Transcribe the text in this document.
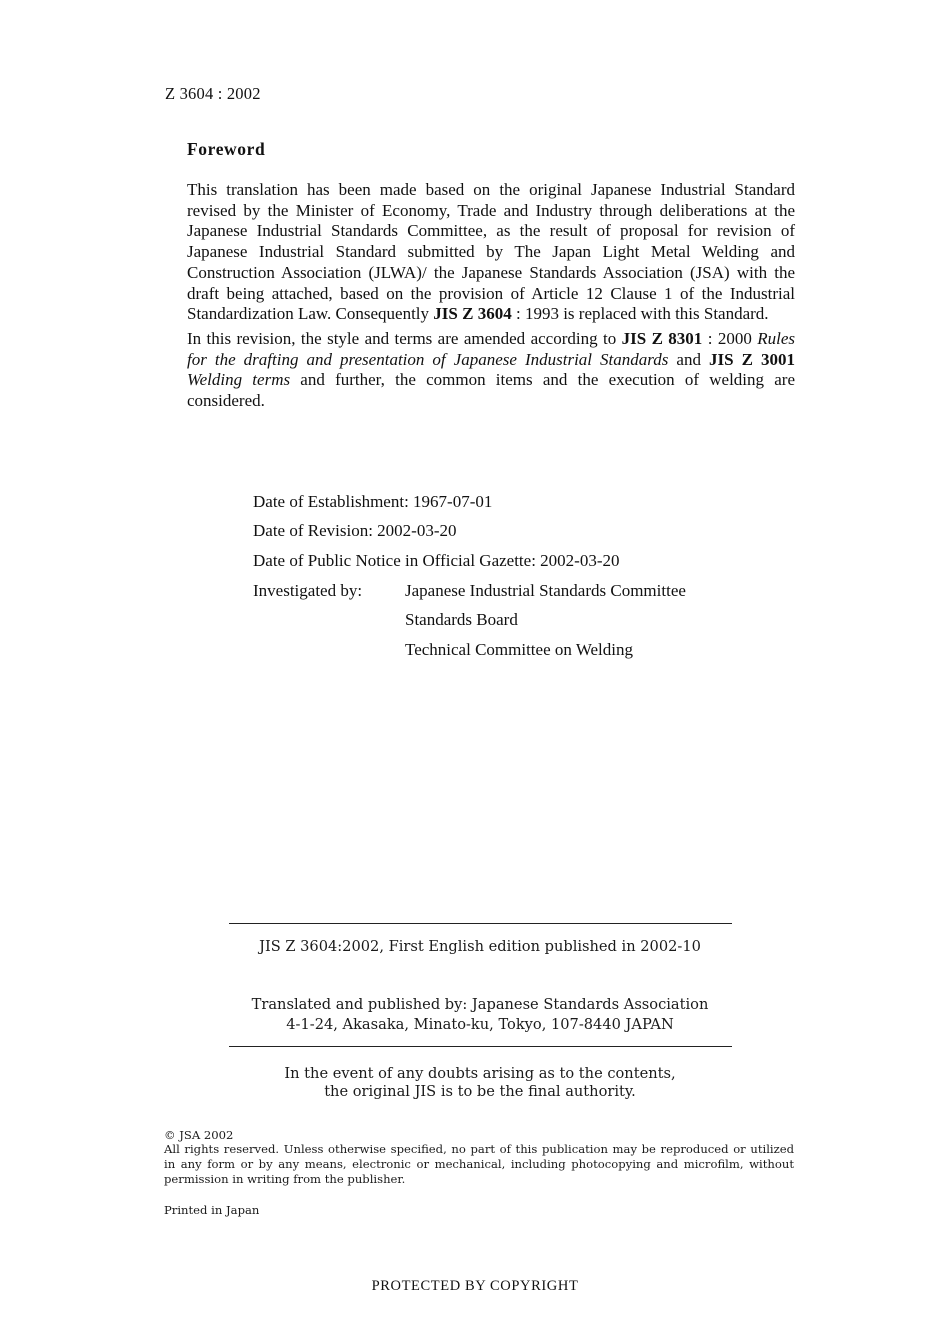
Z 3604 : 2002
Foreword

This translation has been made based on the original Japanese Industrial Standard revised by the Minister of Economy, Trade and Industry through deliberations at the Japanese Industrial Standards Committee, as the result of proposal for revision of Japanese Industrial Standard submitted by The Japan Light Metal Welding and Construction Association (JLWA)/ the Japanese Standards Association (JSA) with the draft being attached, based on the provision of Article 12 Clause 1 of the Industrial Standardization Law. Consequently JIS Z 3604 : 1993 is replaced with this Standard.

In this revision, the style and terms are amended according to JIS Z 8301 : 2000 Rules for the drafting and presentation of Japanese Industrial Standards and JIS Z 3001 Welding terms and further, the common items and the execution of welding are considered.

Date of Establishment: 1967-07-01
Date of Revision: 2002-03-20
Date of Public Notice in Official Gazette: 2002-03-20
Investigated by:	Japanese Industrial Standards Committee
Standards Board
Technical Committee on Welding
JIS Z 3604:2002, First English edition published in 2002-10
Translated and published by: Japanese Standards Association
4-1-24, Akasaka, Minato-ku, Tokyo, 107-8440 JAPAN
In the event of any doubts arising as to the contents,
the original JIS is to be the final authority.
© JSA 2002
All rights reserved. Unless otherwise specified, no part of this publication may be reproduced or utilized in any form or by any means, electronic or mechanical, including photocopying and microfilm, without permission in writing from the publisher.
Printed in Japan
PROTECTED BY COPYRIGHT
